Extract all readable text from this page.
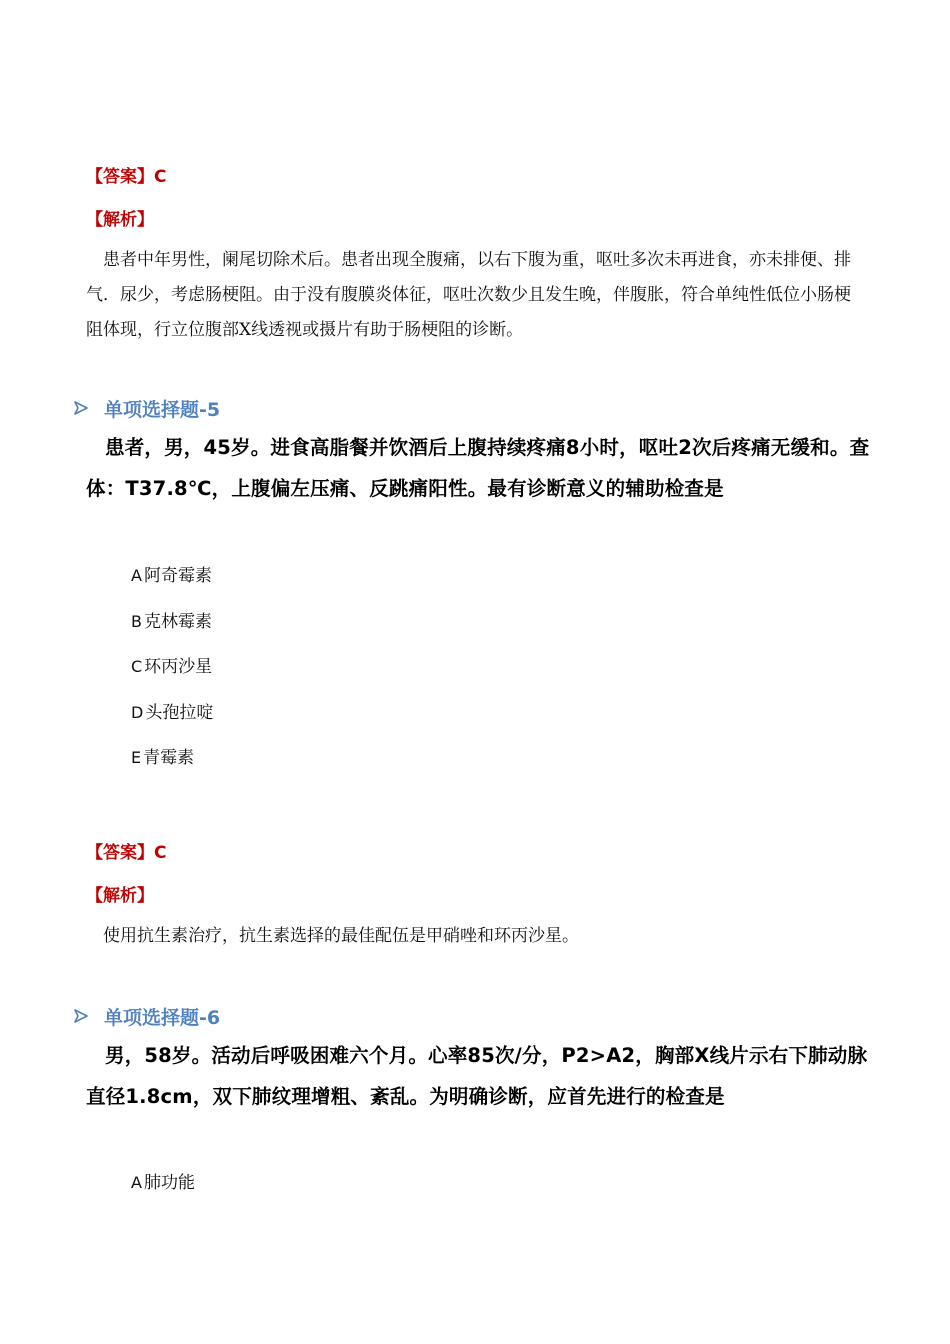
【答案】C
【解析】
患者中年男性，阑尾切除术后。患者出现全腹痛，以右下腹为重，呕吐多次未再进食，亦未排便、排气．尿少，考虑肠梗阻。由于没有腹膜炎体征，呕吐次数少且发生晚，伴腹胀，符合单纯性低位小肠梗阻体现，行立位腹部X线透视或摄片有助于肠梗阻的诊断。
单项选择题-5
患者，男，45岁。进食高脂餐并饮酒后上腹持续疼痛8小时，呕吐2次后疼痛无缓和。查体：T37.8℃，上腹偏左压痛、反跳痛阳性。最有诊断意义的辅助检查是
A 阿奇霉素
B 克林霉素
C 环丙沙星
D 头孢拉啶
E 青霉素
【答案】C
【解析】
使用抗生素治疗，抗生素选择的最佳配伍是甲硝唑和环丙沙星。
单项选择题-6
男，58岁。活动后呼吸困难六个月。心率85次/分，P2>A2，胸部X线片示右下肺动脉直径1.8cm，双下肺纹理增粗、紊乱。为明确诊断，应首先进行的检查是
A 肺功能
